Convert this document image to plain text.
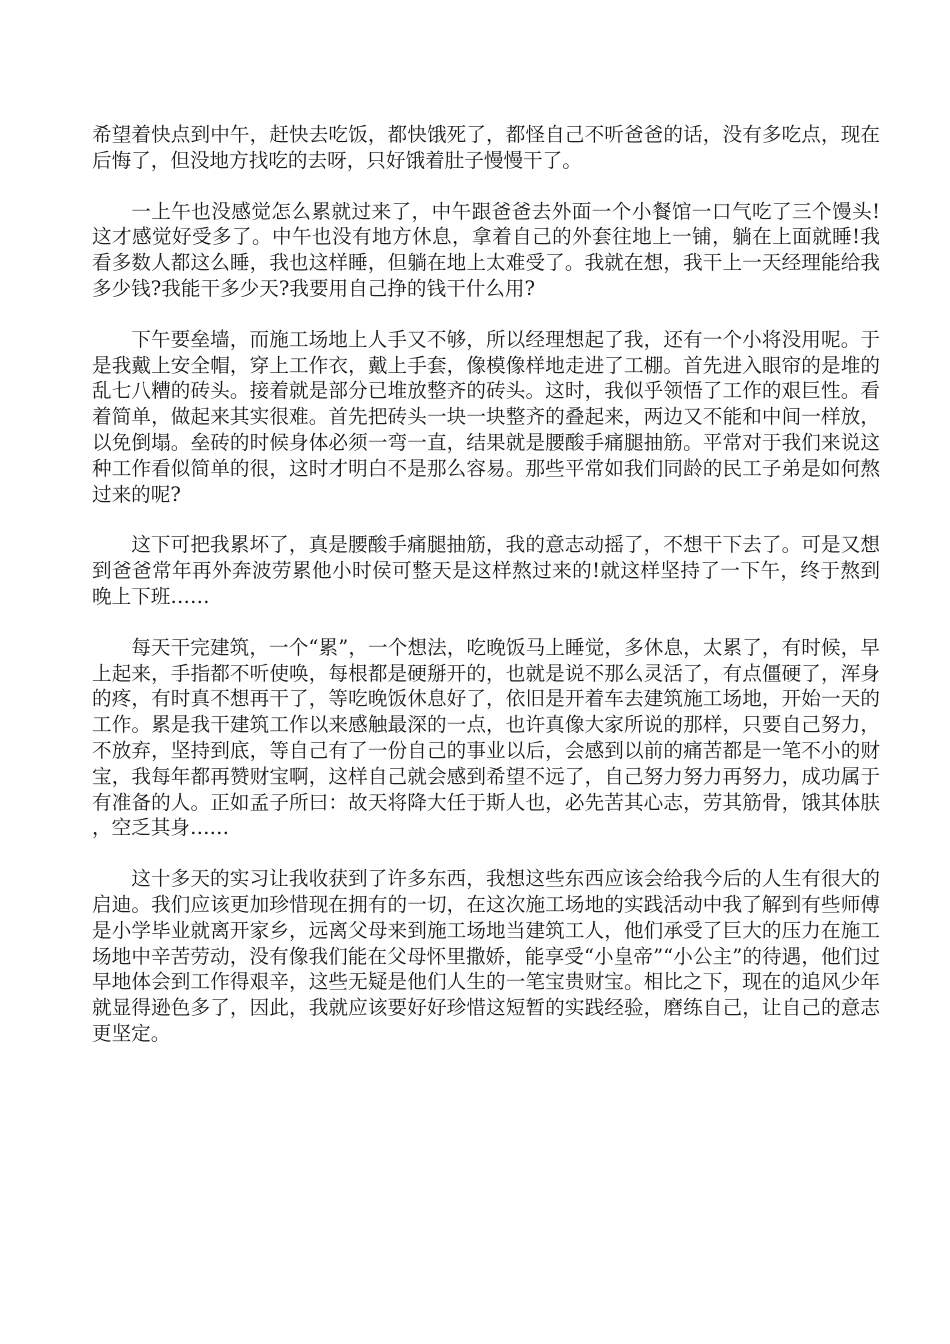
希望着快点到中午，赶快去吃饭，都快饿死了，都怪自己不听爸爸的话，没有多吃点，现在后悔了，但没地方找吃的去呀，只好饿着肚子慢慢干了。

一上午也没感觉怎么累就过来了，中午跟爸爸去外面一个小餐馆一口气吃了三个馒头!这才感觉好受多了。中午也没有地方休息，拿着自己的外套往地上一铺，躺在上面就睡!我看多数人都这么睡，我也这样睡，但躺在地上太难受了。我就在想，我干上一天经理能给我多少钱?我能干多少天?我要用自己挣的钱干什么用?

下午要垒墙，而施工场地上人手又不够，所以经理想起了我，还有一个小将没用呢。于是我戴上安全帽，穿上工作衣，戴上手套，像模像样地走进了工棚。首先进入眼帘的是堆的乱七八糟的砖头。接着就是部分已堆放整齐的砖头。这时，我似乎领悟了工作的艰巨性。看着简单，做起来其实很难。首先把砖头一块一块整齐的叠起来，两边又不能和中间一样放，以免倒塌。垒砖的时候身体必须一弯一直，结果就是腰酸手痛腿抽筋。平常对于我们来说这种工作看似简单的很，这时才明白不是那么容易。那些平常如我们同龄的民工子弟是如何熬过来的呢?

这下可把我累坏了，真是腰酸手痛腿抽筋，我的意志动摇了，不想干下去了。可是又想到爸爸常年再外奔波劳累他小时侯可整天是这样熬过来的!就这样坚持了一下午，终于熬到晚上下班……

每天干完建筑，一个“累”，一个想法，吃晚饭马上睡觉，多休息，太累了，有时候，早上起来，手指都不听使唤，每根都是硬掰开的，也就是说不那么灵活了，有点僵硬了，浑身的疼，有时真不想再干了，等吃晚饭休息好了，依旧是开着车去建筑施工场地，开始一天的工作。累是我干建筑工作以来感触最深的一点，也许真像大家所说的那样，只要自己努力，不放弃，坚持到底，等自己有了一份自己的事业以后，会感到以前的痛苦都是一笔不小的财宝，我每年都再赞财宝啊，这样自己就会感到希望不远了，自己努力努力再努力，成功属于有准备的人。正如孟子所曰：故天将降大任于斯人也，必先苦其心志，劳其筋骨，饿其体肤，空乏其身……

这十多天的实习让我收获到了许多东西，我想这些东西应该会给我今后的人生有很大的启迪。我们应该更加珍惜现在拥有的一切，在这次施工场地的实践活动中我了解到有些师傅是小学毕业就离开家乡，远离父母来到施工场地当建筑工人，他们承受了巨大的压力在施工场地中辛苦劳动，没有像我们能在父母怀里撒娇，能享受“小皇帝”“小公主”的待遇，他们过早地体会到工作得艰辛，这些无疑是他们人生的一笔宝贵财宝。相比之下，现在的追风少年就显得逊色多了，因此，我就应该要好好珍惜这短暂的实践经验，磨练自己，让自己的意志更坚定。
